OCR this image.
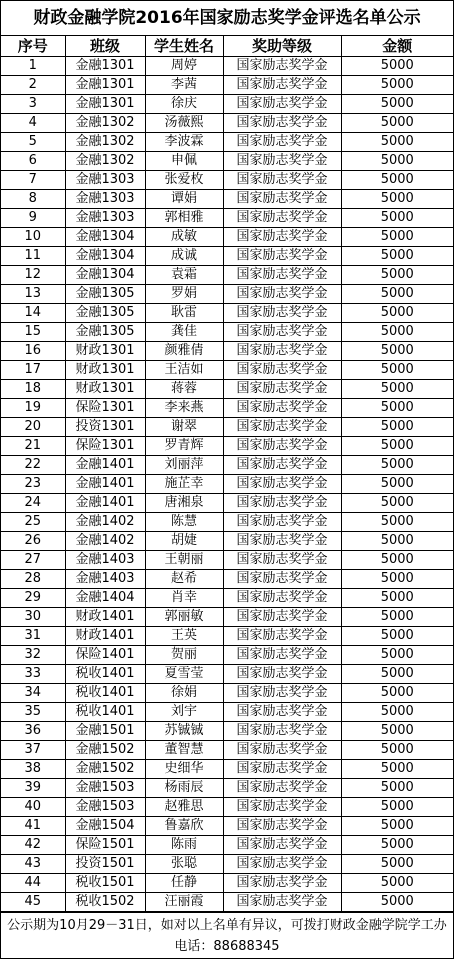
财政金融学院2016年国家励志奖学金评选名单公示
序号	班级	学生姓名	奖助等级	金额
1	金融1301	周婷	国家励志奖学金	5000
2	金融1301	李茜	国家励志奖学金	5000
3	金融1301	徐庆	国家励志奖学金	5000
4	金融1302	汤薇熙	国家励志奖学金	5000
5	金融1302	李波霖	国家励志奖学金	5000
6	金融1302	申佩	国家励志奖学金	5000
7	金融1303	张爱枚	国家励志奖学金	5000
8	金融1303	谭娟	国家励志奖学金	5000
9	金融1303	郭相雅	国家励志奖学金	5000
10	金融1304	成敏	国家励志奖学金	5000
11	金融1304	成诚	国家励志奖学金	5000
12	金融1304	袁霜	国家励志奖学金	5000
13	金融1305	罗娟	国家励志奖学金	5000
14	金融1305	耿雷	国家励志奖学金	5000
15	金融1305	龚佳	国家励志奖学金	5000
16	财政1301	颜雅倩	国家励志奖学金	5000
17	财政1301	王洁如	国家励志奖学金	5000
18	财政1301	蒋蓉	国家励志奖学金	5000
19	保险1301	李来燕	国家励志奖学金	5000
20	投资1301	谢翠	国家励志奖学金	5000
21	保险1301	罗青辉	国家励志奖学金	5000
22	金融1401	刘丽萍	国家励志奖学金	5000
23	金融1401	施芷幸	国家励志奖学金	5000
24	金融1401	唐湘泉	国家励志奖学金	5000
25	金融1402	陈慧	国家励志奖学金	5000
26	金融1402	胡婕	国家励志奖学金	5000
27	金融1403	王朝丽	国家励志奖学金	5000
28	金融1403	赵希	国家励志奖学金	5000
29	金融1404	肖幸	国家励志奖学金	5000
30	财政1401	郭丽敏	国家励志奖学金	5000
31	财政1401	王英	国家励志奖学金	5000
32	保险1401	贺丽	国家励志奖学金	5000
33	税收1401	夏雪莹	国家励志奖学金	5000
34	税收1401	徐娟	国家励志奖学金	5000
35	税收1401	刘宇	国家励志奖学金	5000
36	金融1501	苏铖铖	国家励志奖学金	5000
37	金融1502	董智慧	国家励志奖学金	5000
38	金融1502	史细华	国家励志奖学金	5000
39	金融1503	杨雨辰	国家励志奖学金	5000
40	金融1503	赵雅思	国家励志奖学金	5000
41	金融1504	鲁嘉欣	国家励志奖学金	5000
42	保险1501	陈雨	国家励志奖学金	5000
43	投资1501	张聪	国家励志奖学金	5000
44	税收1501	任静	国家励志奖学金	5000
45	税收1502	汪丽霞	国家励志奖学金	5000
公示期为10月29－31日，如对以上名单有异议，可拨打财政金融学院学工办电话：88688345
